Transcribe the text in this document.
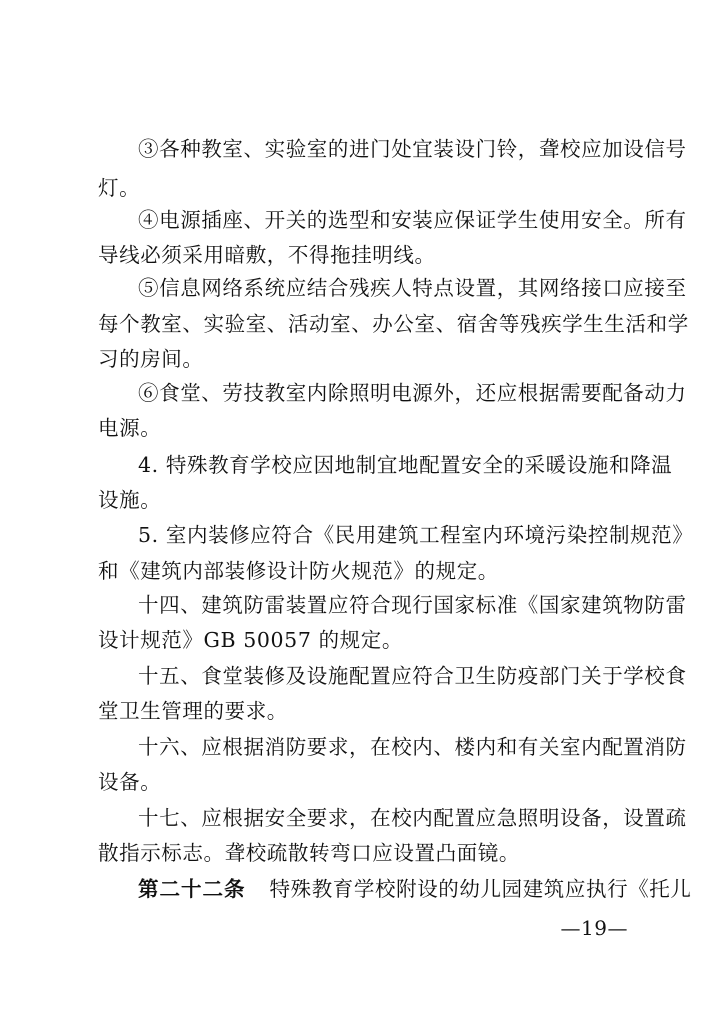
③各种教室、实验室的进门处宜装设门铃，聋校应加设信号
灯。
④电源插座、开关的选型和安装应保证学生使用安全。所有
导线必须采用暗敷，不得拖挂明线。
⑤信息网络系统应结合残疾人特点设置，其网络接口应接至
每个教室、实验室、活动室、办公室、宿舍等残疾学生生活和学
习的房间。
⑥食堂、劳技教室内除照明电源外，还应根据需要配备动力
电源。
4. 特殊教育学校应因地制宜地配置安全的采暖设施和降温
设施。
5. 室内装修应符合《民用建筑工程室内环境污染控制规范》
和《建筑内部装修设计防火规范》的规定。
十四、建筑防雷装置应符合现行国家标准《国家建筑物防雷
设计规范》GB 50057 的规定。
十五、食堂装修及设施配置应符合卫生防疫部门关于学校食
堂卫生管理的要求。
十六、应根据消防要求，在校内、楼内和有关室内配置消防
设备。
十七、应根据安全要求，在校内配置应急照明设备，设置疏
散指示标志。聋校疏散转弯口应设置凸面镜。
第二十二条 特殊教育学校附设的幼儿园建筑应执行《托儿
—19—
